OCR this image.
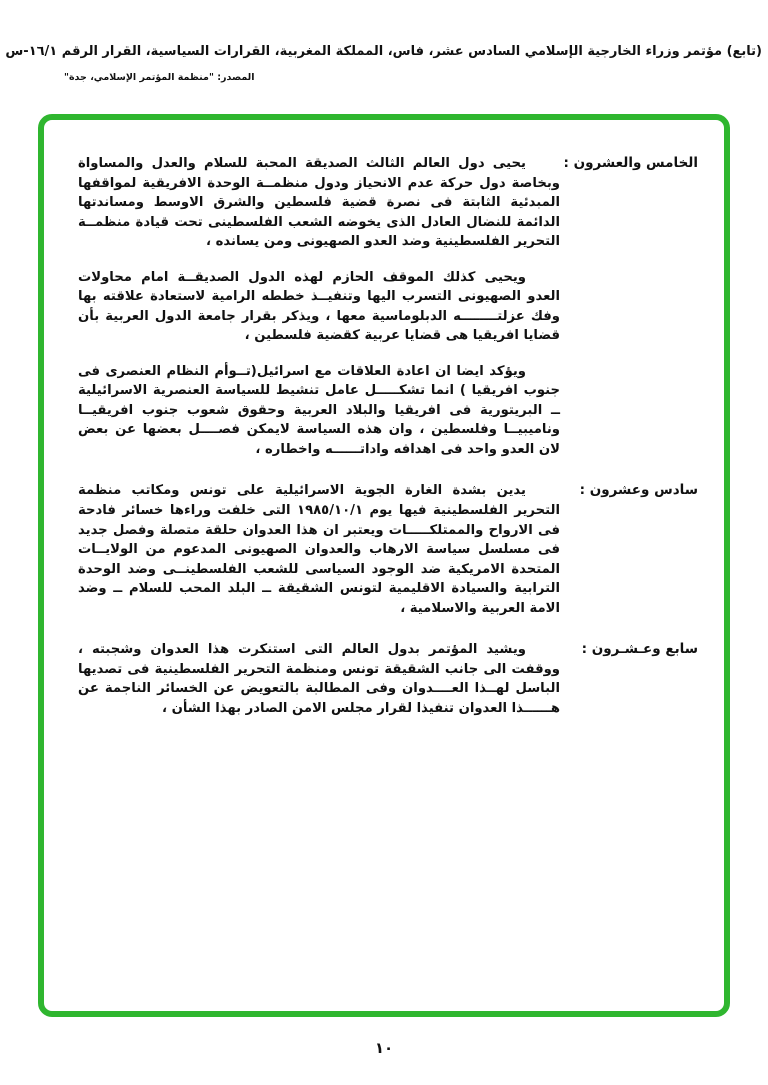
(تابع) مؤتمر وزراء الخارجية الإسلامي السادس عشر، فاس، المملكة المغربية، القرارات السياسية، القرار الرقم ١٦/١-س
المصدر: "منظمة المؤتمر الإسلامي، جدة"
الخامس والعشرون :

يحيى دول العالم الثالث الصديقة المحبة للسلام والعدل والمساواة وبخاصة دول حركة عدم الانحياز ودول منظمــة الوحدة الافريقية لمواقفها المبدئية الثابتة فى نصرة قضية فلسطين والشرق الاوسط ومساندتها الدائمة للنضال العادل الذى يخوضه الشعب الفلسطينى تحت قيادة منظمــة التحرير الفلسطينية وضد العدو الصهيونى ومن يسانده ،

ويحيى كذلك الموقف الحازم لهذه الدول الصديقــة امام محاولات العدو الصهيونى التسرب اليها وتنفيــذ خططه الرامية لاستعادة علاقته بها وفك عزلتــــــــه الدبلوماسية معها ، ويذكر بقرار جامعة الدول العربية بأن قضايا افريقيا هى قضايا عربية كقضية فلسطين ،

ويؤكد ايضا ان اعادة العلاقات مع اسرائيل(تــوأم النظام العنصرى فى جنوب افريقيا ) انما تشكـــــل عامل تنشيط للسياسة العنصرية الاسرائيلية ــ البريتورية فى افريقيا والبلاد العربية وحقوق شعوب جنوب افريقيــا وناميبيــا وفلسطين ، وان هذه السياسة لايمكن فصــــل بعضها عن بعض لان العدو واحد فى اهدافه واداتــــــه واخطاره ،

سادس وعشرون :

يدين بشدة الغارة الجوية الاسرائيلية على تونس ومكاتب منظمة التحرير الفلسطينية فيها يوم ١٩٨٥/١٠/١ التى خلفت وراءها خسائر فادحة فى الارواح والممتلكـــــات ويعتبر ان هذا العدوان حلقة متصلة وفصل جديد فى مسلسل سياسة الارهاب والعدوان الصهيونى المدعوم من الولايــات المتحدة الامريكية ضد الوجود السياسى للشعب الفلسطينــى وضد الوحدة الترابية والسيادة الاقليمية لتونس الشقيقة ــ البلد المحب للسلام ــ وضد الامة العربية والاسلامية ،

سابع وعـشـرون :

ويشيد المؤتمر بدول العالم التى استنكرت هذا العدوان وشجبته ، ووقفت الى جانب الشقيقة تونس ومنظمة التحرير الفلسطينية فى تصديها الباسل لهــذا العــــدوان وفى المطالبة بالتعويض عن الخسائر الناجمة عن هــــــذا العدوان تنفيذا لقرار مجلس الامن الصادر بهذا الشأن ،

١٠
